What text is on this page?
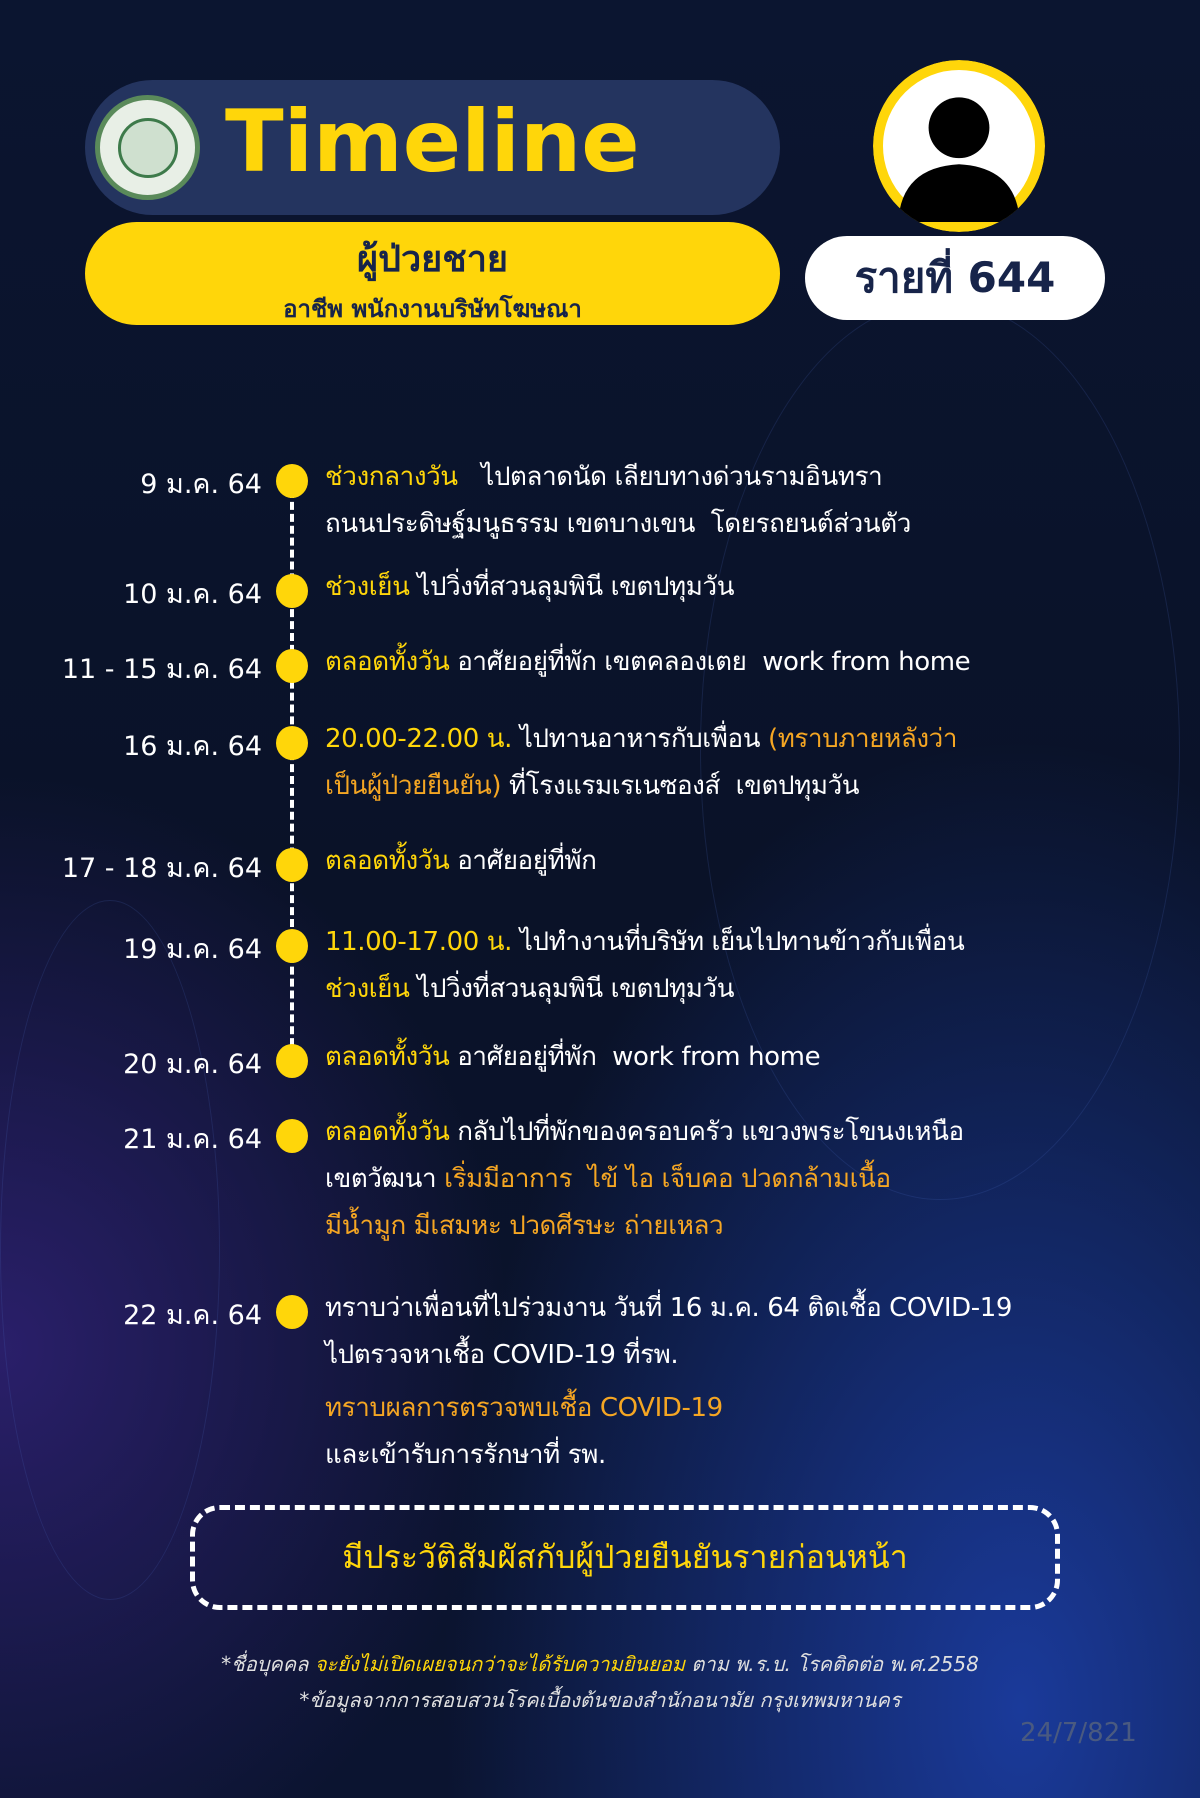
Timeline
ผู้ป่วยชาย
อาชีพ พนักงานบริษัทโฆษณา
รายที่ 644
9 ม.ค. 64 ช่วงกลางวัน   ไปตลาดนัด เลียบทางด่วนรามอินทรา
ถนนประดิษฐ์มนูธรรม เขตบางเขน  โดยรถยนต์ส่วนตัว
10 ม.ค. 64 ช่วงเย็น ไปวิ่งที่สวนลุมพินี เขตปทุมวัน
11 - 15 ม.ค. 64 ตลอดทั้งวัน อาศัยอยู่ที่พัก เขตคลองเตย  work from home
16 ม.ค. 64 20.00-22.00 น. ไปทานอาหารกับเพื่อน (ทราบภายหลังว่า
เป็นผู้ป่วยยืนยัน) ที่โรงแรมเรเนซองส์  เขตปทุมวัน
17 - 18 ม.ค. 64 ตลอดทั้งวัน อาศัยอยู่ที่พัก
19 ม.ค. 64 11.00-17.00 น. ไปทำงานที่บริษัท เย็นไปทานข้าวกับเพื่อน
ช่วงเย็น ไปวิ่งที่สวนลุมพินี เขตปทุมวัน
20 ม.ค. 64 ตลอดทั้งวัน อาศัยอยู่ที่พัก  work from home
21 ม.ค. 64 ตลอดทั้งวัน กลับไปที่พักของครอบครัว แขวงพระโขนงเหนือ
เขตวัฒนา เริ่มมีอาการ  ไข้ ไอ เจ็บคอ ปวดกล้ามเนื้อ
มีน้ำมูก มีเสมหะ ปวดศีรษะ ถ่ายเหลว
22 ม.ค. 64 ทราบว่าเพื่อนที่ไปร่วมงาน วันที่ 16 ม.ค. 64 ติดเชื้อ COVID-19
ไปตรวจหาเชื้อ COVID-19 ที่รพ.
ทราบผลการตรวจพบเชื้อ COVID-19
และเข้ารับการรักษาที่ รพ.
มีประวัติสัมผัสกับผู้ป่วยยืนยันรายก่อนหน้า
*ชื่อบุคคล จะยังไม่เปิดเผยจนกว่าจะได้รับความยินยอม ตาม พ.ร.บ. โรคติดต่อ พ.ศ.2558
*ข้อมูลจากการสอบสวนโรคเบื้องต้นของสำนักอนามัย กรุงเทพมหานคร
24/7/821
